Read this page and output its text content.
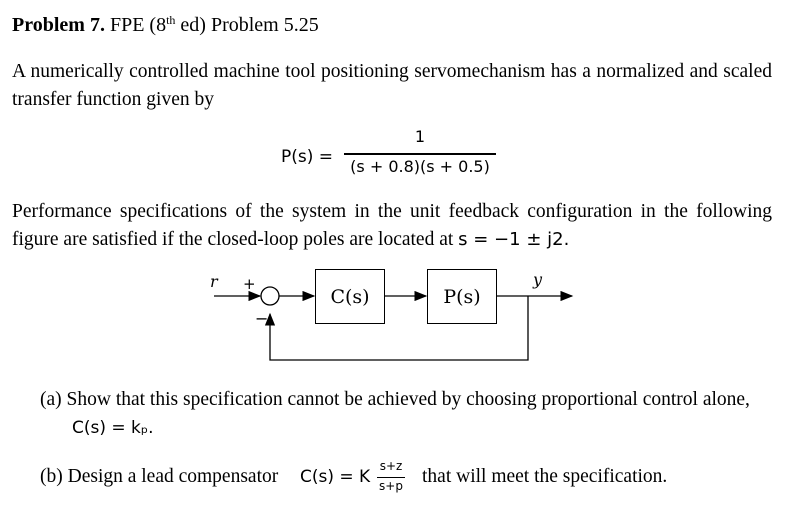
Problem 7. FPE (8th ed) Problem 5.25
A numerically controlled machine tool positioning servomechanism has a normalized and scaled transfer function given by
P(s) =
1
(s + 0.8)(s + 0.5)
Performance specifications of the system in the unit feedback configuration in the following figure are satisfied if the closed-loop poles are located at s = −1 ± j2.
r +
−
y
C(s)	P(s)
(a) Show that this specification cannot be achieved by choosing proportional control alone,
C(s) = kₚ.
(b) Design a lead compensator C(s) = K
s+z
s+p that will meet the specification.
